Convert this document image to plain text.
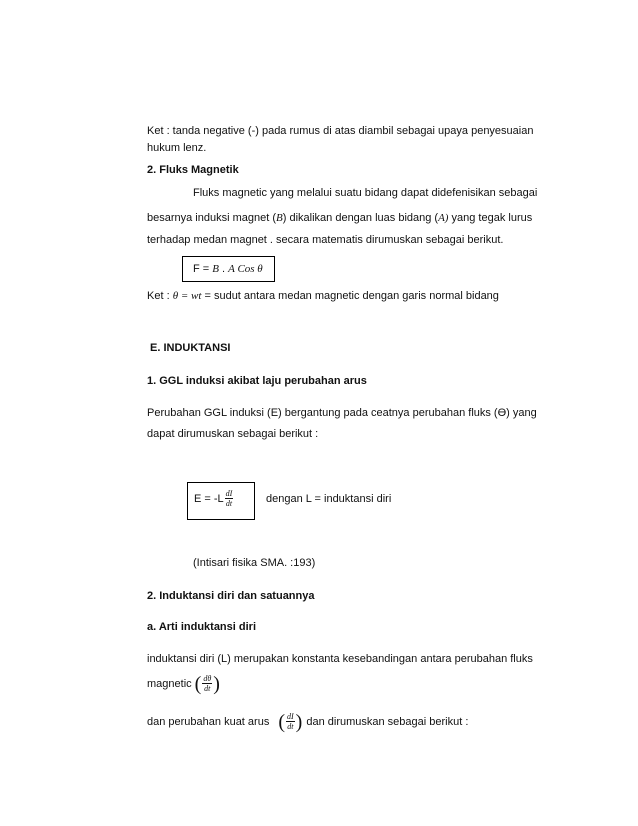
Ket : tanda negative (-) pada rumus di atas diambil sebagai upaya penyesuaian
hukum lenz.
2. Fluks Magnetik
Fluks magnetic yang melalui suatu bidang dapat didefenisikan sebagai
besarnya induksi magnet (B) dikalikan dengan luas bidang (A) yang tegak lurus
terhadap medan magnet . secara matematis dirumuskan sebagai berikut.
F = B . A Cos θ
Ket : θ = wt = sudut antara medan magnetic dengan garis normal bidang
E. INDUKTANSI
1. GGL induksi akibat laju perubahan arus
Perubahan GGL induksi (E) bergantung pada ceatnya perubahan fluks (Ө) yang
dapat dirumuskan sebagai berikut :
$E = -L \frac{dI}{dt}$	dengan L = induktansi diri
(Intisari fisika SMA. :193)
2. Induktansi diri dan satuannya
a. Arti induktansi diri
induktansi diri (L) merupakan konstanta kesebandingan antara perubahan fluks
magnetic ( $\frac{d\theta}{dt}$ )
dan perubahan kuat arus ( $\frac{dI}{dt}$ ) dan dirumuskan sebagai berikut :
